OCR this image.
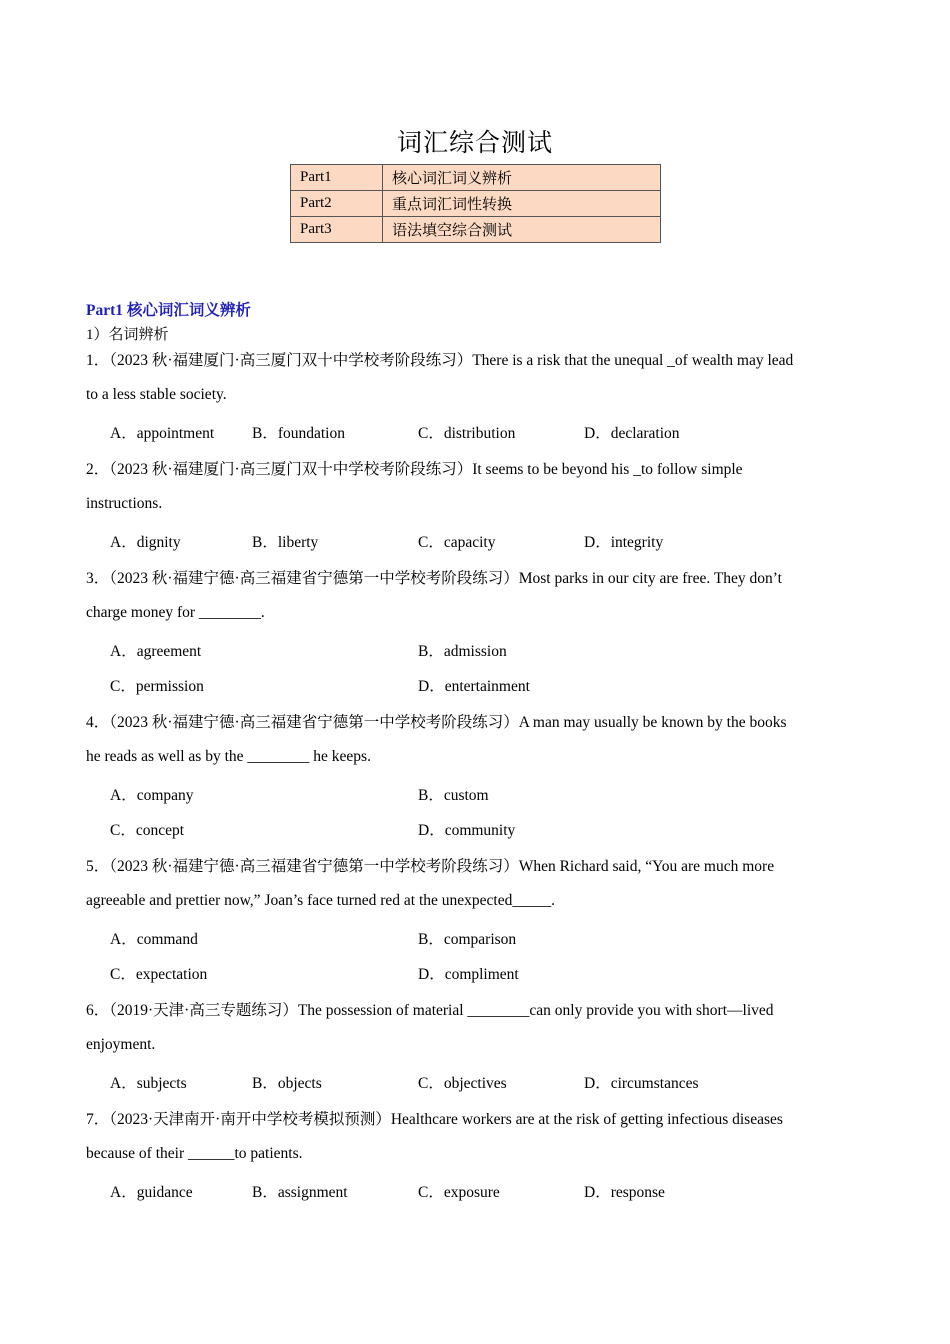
词汇综合测试
Part1	核心词汇词义辨析
Part2	重点词汇词性转换
Part3	语法填空综合测试
Part1 核心词汇词义辨析
1）名词辨析
1．（2023 秋·福建厦门·高三厦门双十中学校考阶段练习）There is a risk that the unequal _of wealth may lead
to a less stable society.
A．appointment B．foundation	C．distribution	D．declaration
2．（2023 秋·福建厦门·高三厦门双十中学校考阶段练习）It seems to be beyond his _to follow simple
instructions.
A．dignity	B．liberty	C．capacity	D．integrity
3．（2023 秋·福建宁德·高三福建省宁德第一中学校考阶段练习）Most parks in our city are free. They don’t
charge money for ________.
A．agreement	B．admission
C．permission	D．entertainment
4．（2023 秋·福建宁德·高三福建省宁德第一中学校考阶段练习）A man may usually be known by the books
he reads as well as by the ________ he keeps.
A．company	B．custom
C．concept	D．community
5．（2023 秋·福建宁德·高三福建省宁德第一中学校考阶段练习）When Richard said, “You are much more
agreeable and prettier now,” Joan’s face turned red at the unexpected_____.
A．command	B．comparison
C．expectation	D．compliment
6．（2019·天津·高三专题练习）The possession of material ________can only provide you with short—lived
enjoyment.
A．subjects	B．objects	C．objectives	D．circumstances
7．（2023·天津南开·南开中学校考模拟预测）Healthcare workers are at the risk of getting infectious diseases
because of their ______to patients.
A．guidance	B．assignment	C．exposure	D．response
